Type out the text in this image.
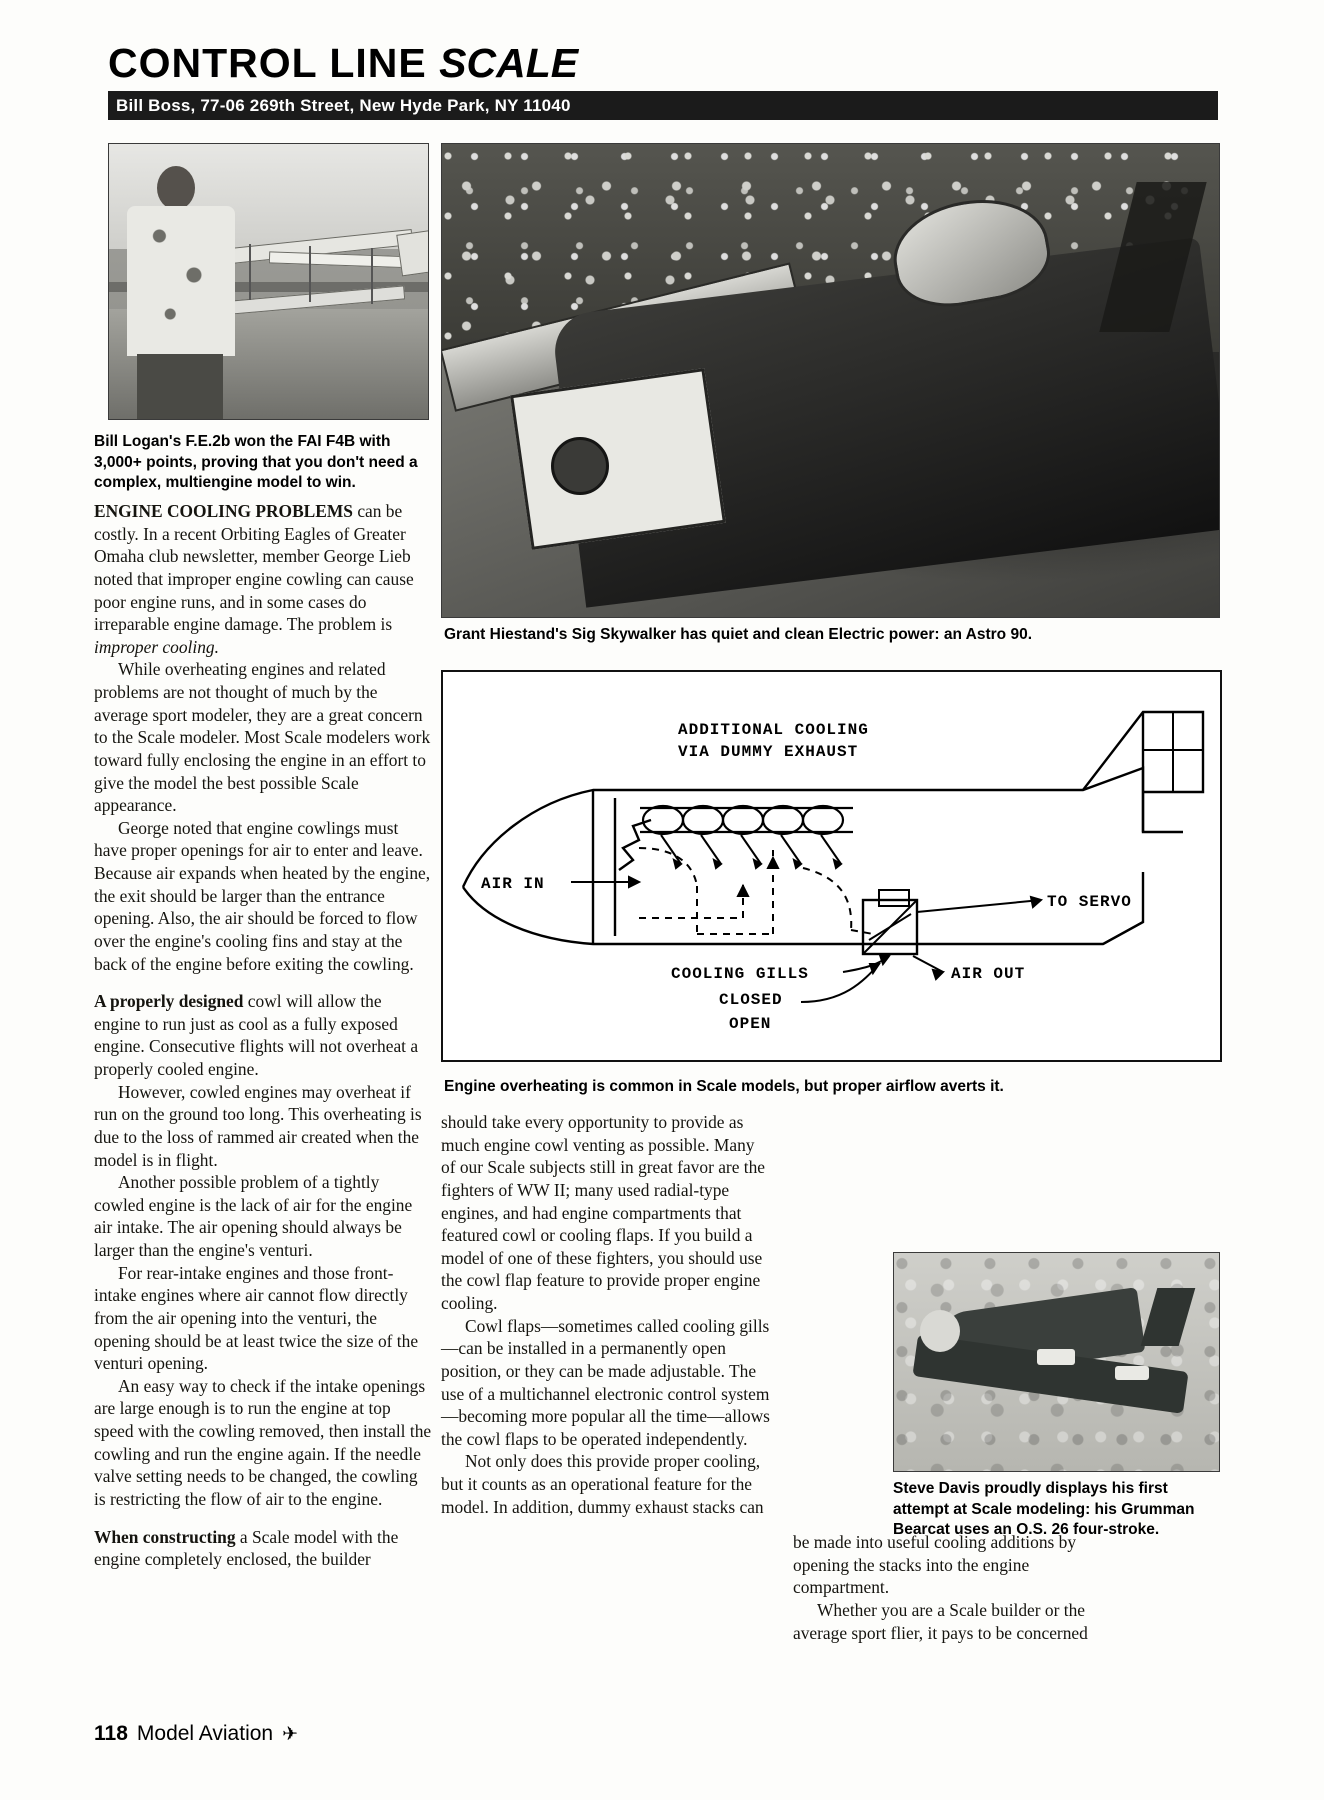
CONTROL LINE SCALE
Bill Boss, 77-06 269th Street, New Hyde Park, NY 11040
Bill Logan's F.E.2b won the FAI F4B with 3,000+ points, proving that you don't need a complex, multiengine model to win.
Grant Hiestand's Sig Skywalker has quiet and clean Electric power: an Astro 90.
ADDITIONAL COOLING
VIA DUMMY EXHAUST
AIR IN
TO SERVO
AIR OUT
COOLING GILLS
CLOSED
OPEN
Engine overheating is common in Scale models, but proper airflow averts it.
Steve Davis proudly displays his first attempt at Scale modeling: his Grumman Bearcat uses an O.S. 26 four-stroke.

ENGINE COOLING PROBLEMS can be costly. In a recent Orbiting Eagles of Greater Omaha club newsletter, member George Lieb noted that improper engine cowling can cause poor engine runs, and in some cases do irreparable engine damage. The problem is improper cooling.

While overheating engines and related problems are not thought of much by the average sport modeler, they are a great concern to the Scale modeler. Most Scale modelers work toward fully enclosing the engine in an effort to give the model the best possible Scale appearance.

George noted that engine cowlings must have proper openings for air to enter and leave. Because air expands when heated by the engine, the exit should be larger than the entrance opening. Also, the air should be forced to flow over the engine's cooling fins and stay at the back of the engine before exiting the cowling.

A properly designed cowl will allow the engine to run just as cool as a fully exposed engine. Consecutive flights will not overheat a properly cooled engine.

However, cowled engines may overheat if run on the ground too long. This overheating is due to the loss of rammed air created when the model is in flight.

Another possible problem of a tightly cowled engine is the lack of air for the engine air intake. The air opening should always be larger than the engine's venturi.

For rear-intake engines and those front-intake engines where air cannot flow directly from the air opening into the venturi, the opening should be at least twice the size of the venturi opening.

An easy way to check if the intake openings are large enough is to run the engine at top speed with the cowling removed, then install the cowling and run the engine again. If the needle valve setting needs to be changed, the cowling is restricting the flow of air to the engine.

When constructing a Scale model with the engine completely enclosed, the builder

should take every opportunity to provide as much engine cowl venting as possible. Many of our Scale subjects still in great favor are the fighters of WW II; many used radial-type engines, and had engine compartments that featured cowl or cooling flaps. If you build a model of one of these fighters, you should use the cowl flap feature to provide proper engine cooling.

Cowl flaps—sometimes called cooling gills—can be installed in a permanently open position, or they can be made adjustable. The use of a multichannel electronic control system—becoming more popular all the time—allows the cowl flaps to be operated independently.

Not only does this provide proper cooling, but it counts as an operational feature for the model. In addition, dummy exhaust stacks can

be made into useful cooling additions by opening the stacks into the engine compartment.

Whether you are a Scale builder or the average sport flier, it pays to be concerned

118 Model Aviation ✈
